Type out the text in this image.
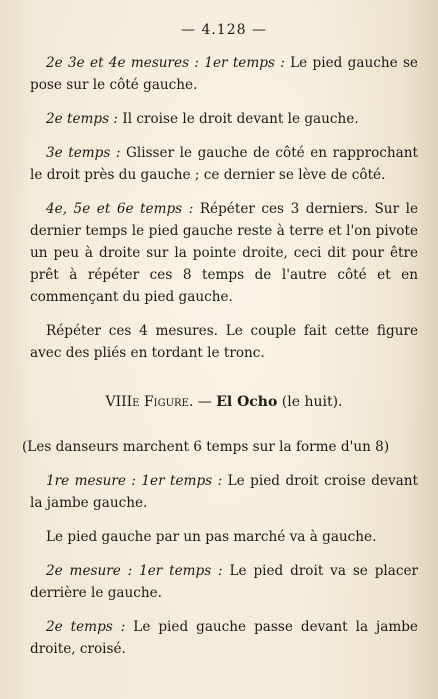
— 4.128 —

2e 3e et 4e mesures : 1er temps : Le pied gauche se pose sur le côté gauche.

2e temps : Il croise le droit devant le gauche.

3e temps : Glisser le gauche de côté en rapprochant le droit près du gauche ; ce dernier se lève de côté.

4e, 5e et 6e temps : Répéter ces 3 derniers. Sur le dernier temps le pied gauche reste à terre et l'on pivote un peu à droite sur la pointe droite, ceci dit pour être prêt à répéter ces 8 temps de l'autre côté et en commençant du pied gauche.

Répéter ces 4 mesures. Le couple fait cette figure avec des pliés en tordant le tronc.

VIIIe Figure. — El Ocho (le huit).

(Les danseurs marchent 6 temps sur la forme d'un 8)

1re mesure : 1er temps : Le pied droit croise devant la jambe gauche.

Le pied gauche par un pas marché va à gauche.

2e mesure : 1er temps : Le pied droit va se placer derrière le gauche.

2e temps : Le pied gauche passe devant la jambe droite, croisé.
